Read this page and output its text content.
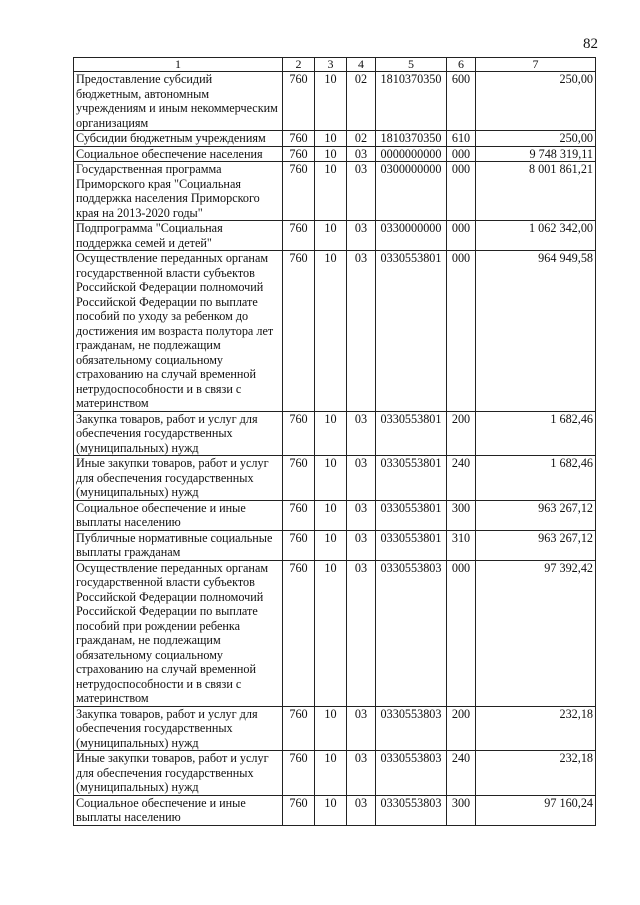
82
1	2	3	4	5	6	7
Предоставление субсидий бюджетным, автономным учреждениям и иным некоммерческим организациям	760	10	02	1810370350	600	250,00
Субсидии бюджетным учреждениям	760	10	02	1810370350	610	250,00
Социальное обеспечение населения	760	10	03	0000000000	000	9 748 319,11
Государственная программа Приморского края "Социальная поддержка населения Приморского края на 2013-2020 годы"	760	10	03	0300000000	000	8 001 861,21
Подпрограмма "Социальная поддержка семей и детей"	760	10	03	0330000000	000	1 062 342,00
Осуществление переданных органам государственной власти субъектов Российской Федерации полномочий Российской Федерации по выплате пособий по уходу за ребенком до достижения им возраста полутора лет гражданам, не подлежащим обязательному социальному страхованию на случай временной нетрудоспособности и в связи с материнством	760	10	03	0330553801	000	964 949,58
Закупка товаров, работ и услуг для обеспечения государственных (муниципальных) нужд	760	10	03	0330553801	200	1 682,46
Иные закупки товаров, работ и услуг для обеспечения государственных (муниципальных) нужд	760	10	03	0330553801	240	1 682,46
Социальное обеспечение и иные выплаты населению	760	10	03	0330553801	300	963 267,12
Публичные нормативные социальные выплаты гражданам	760	10	03	0330553801	310	963 267,12
Осуществление переданных органам государственной власти субъектов Российской Федерации полномочий Российской Федерации по выплате пособий при рождении ребенка гражданам, не подлежащим обязательному социальному страхованию на случай временной нетрудоспособности и в связи с материнством	760	10	03	0330553803	000	97 392,42
Закупка товаров, работ и услуг для обеспечения государственных (муниципальных) нужд	760	10	03	0330553803	200	232,18
Иные закупки товаров, работ и услуг для обеспечения государственных (муниципальных) нужд	760	10	03	0330553803	240	232,18
Социальное обеспечение и иные выплаты населению	760	10	03	0330553803	300	97 160,24
